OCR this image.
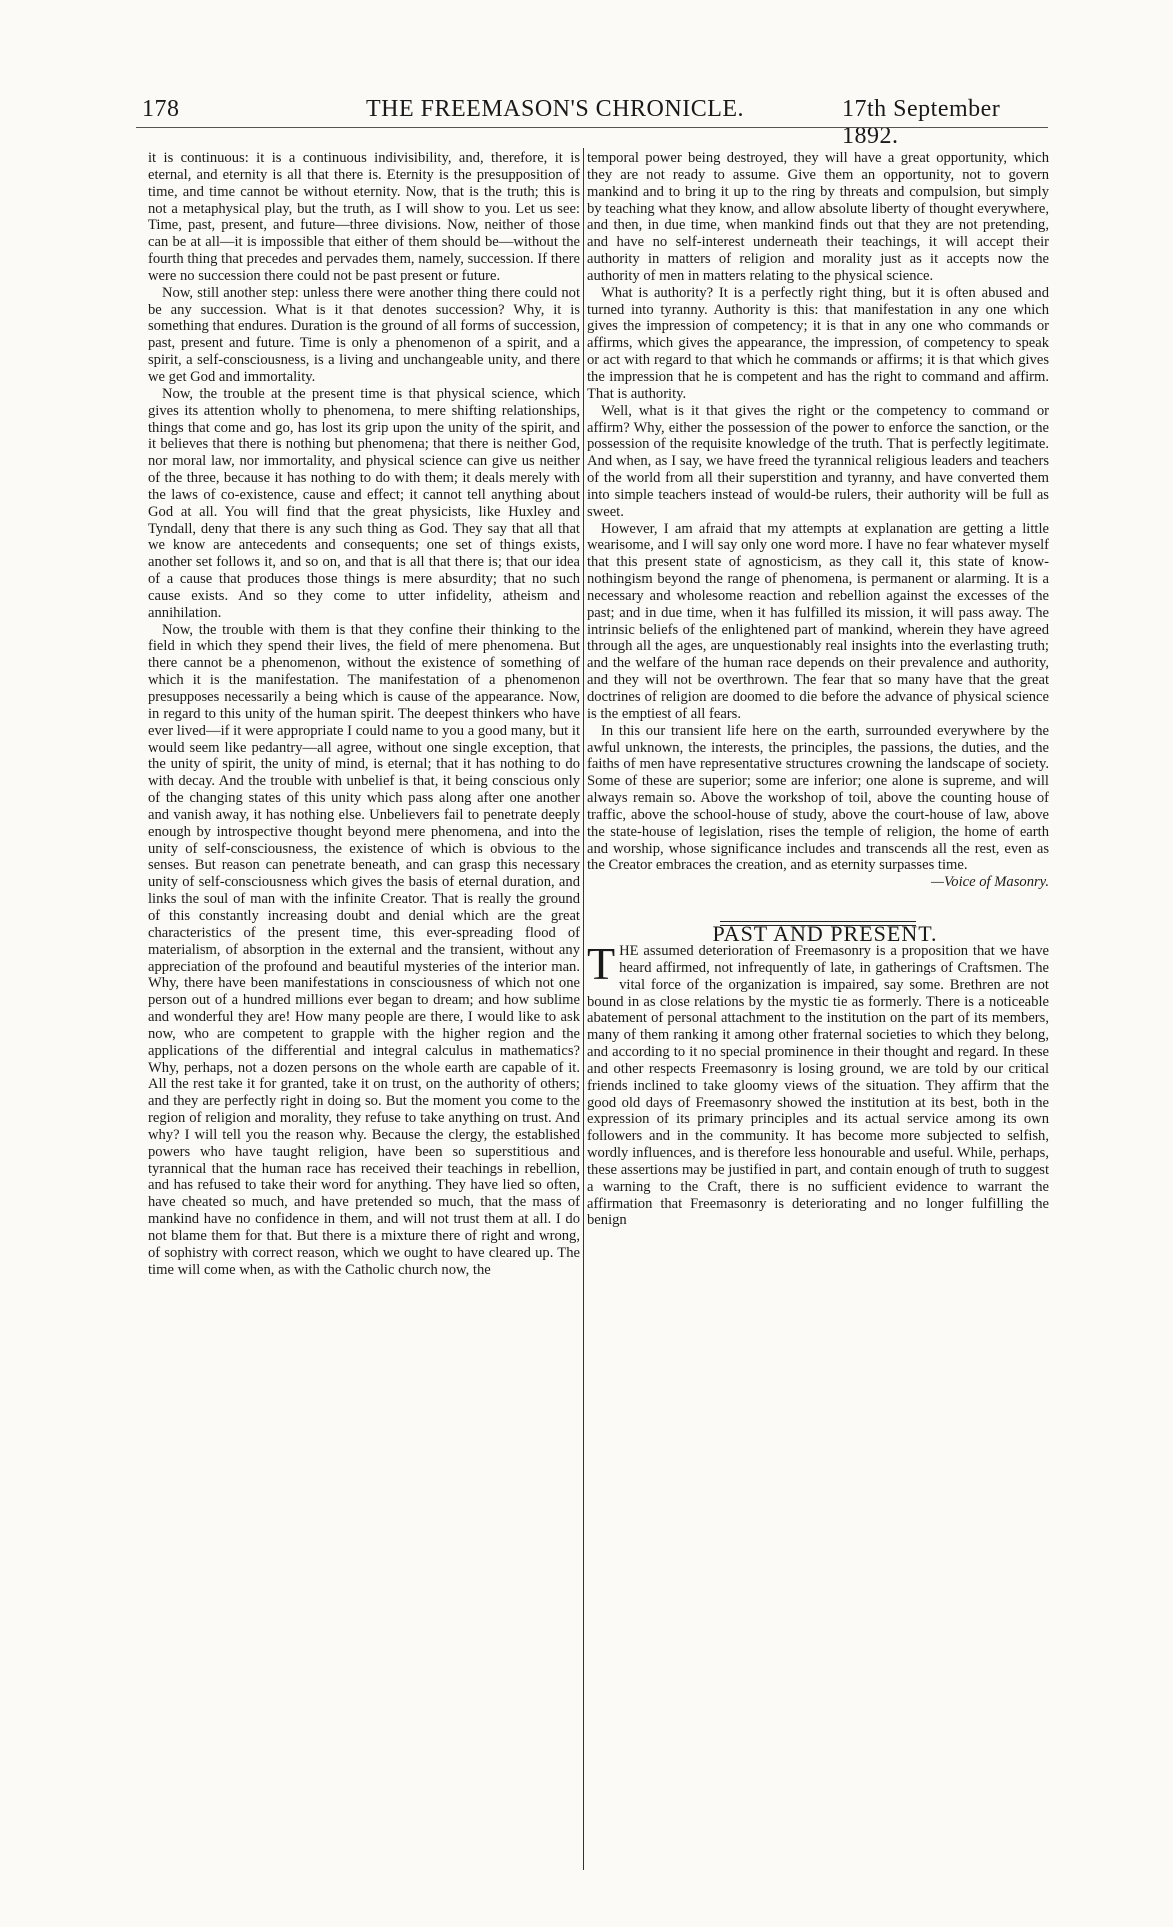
178	THE FREEMASON'S CHRONICLE.	17th September 1892.

it is continuous: it is a continuous indivisibility, and, therefore, it is eternal, and eternity is all that there is. Eternity is the presupposition of time, and time cannot be without eternity. Now, that is the truth; this is not a metaphysical play, but the truth, as I will show to you. Let us see: Time, past, present, and future—three divisions. Now, neither of those can be at all—it is impossible that either of them should be—without the fourth thing that precedes and pervades them, namely, succession. If there were no succession there could not be past present or future.

Now, still another step: unless there were another thing there could not be any succession. What is it that denotes succession? Why, it is something that endures. Duration is the ground of all forms of succession, past, present and future. Time is only a phenomenon of a spirit, and a spirit, a self-consciousness, is a living and unchangeable unity, and there we get God and immortality.

Now, the trouble at the present time is that physical science, which gives its attention wholly to phenomena, to mere shifting relationships, things that come and go, has lost its grip upon the unity of the spirit, and it believes that there is nothing but phenomena; that there is neither God, nor moral law, nor immortality, and physical science can give us neither of the three, because it has nothing to do with them; it deals merely with the laws of co-existence, cause and effect; it cannot tell anything about God at all. You will find that the great physicists, like Huxley and Tyndall, deny that there is any such thing as God. They say that all that we know are antecedents and consequents; one set of things exists, another set follows it, and so on, and that is all that there is; that our idea of a cause that produces those things is mere absurdity; that no such cause exists. And so they come to utter infidelity, atheism and annihilation.

Now, the trouble with them is that they confine their thinking to the field in which they spend their lives, the field of mere phenomena. But there cannot be a phenomenon, without the existence of something of which it is the manifestation. The manifestation of a phenomenon presupposes necessarily a being which is cause of the appearance. Now, in regard to this unity of the human spirit. The deepest thinkers who have ever lived—if it were appropriate I could name to you a good many, but it would seem like pedantry—all agree, without one single exception, that the unity of spirit, the unity of mind, is eternal; that it has nothing to do with decay. And the trouble with unbelief is that, it being conscious only of the changing states of this unity which pass along after one another and vanish away, it has nothing else. Unbelievers fail to penetrate deeply enough by introspective thought beyond mere phenomena, and into the unity of self-consciousness, the existence of which is obvious to the senses. But reason can penetrate beneath, and can grasp this necessary unity of self-consciousness which gives the basis of eternal duration, and links the soul of man with the infinite Creator. That is really the ground of this constantly increasing doubt and denial which are the great characteristics of the present time, this ever-spreading flood of materialism, of absorption in the external and the transient, without any appreciation of the profound and beautiful mysteries of the interior man. Why, there have been manifestations in consciousness of which not one person out of a hundred millions ever began to dream; and how sublime and wonderful they are! How many people are there, I would like to ask now, who are competent to grapple with the higher region and the applications of the differential and integral calculus in mathematics? Why, perhaps, not a dozen persons on the whole earth are capable of it. All the rest take it for granted, take it on trust, on the authority of others; and they are perfectly right in doing so. But the moment you come to the region of religion and morality, they refuse to take anything on trust. And why? I will tell you the reason why. Because the clergy, the established powers who have taught religion, have been so superstitious and tyrannical that the human race has received their teachings in rebellion, and has refused to take their word for anything. They have lied so often, have cheated so much, and have pretended so much, that the mass of mankind have no confidence in them, and will not trust them at all. I do not blame them for that. But there is a mixture there of right and wrong, of sophistry with correct reason, which we ought to have cleared up. The time will come when, as with the Catholic church now, the

temporal power being destroyed, they will have a great opportunity, which they are not ready to assume. Give them an opportunity, not to govern mankind and to bring it up to the ring by threats and compulsion, but simply by teaching what they know, and allow absolute liberty of thought everywhere, and then, in due time, when mankind finds out that they are not pretending, and have no self-interest underneath their teachings, it will accept their authority in matters of religion and morality just as it accepts now the authority of men in matters relating to the physical science.

What is authority? It is a perfectly right thing, but it is often abused and turned into tyranny. Authority is this: that manifestation in any one which gives the impression of competency; it is that in any one who commands or affirms, which gives the appearance, the impression, of competency to speak or act with regard to that which he commands or affirms; it is that which gives the impression that he is competent and has the right to command and affirm. That is authority.

Well, what is it that gives the right or the competency to command or affirm? Why, either the possession of the power to enforce the sanction, or the possession of the requisite knowledge of the truth. That is perfectly legitimate. And when, as I say, we have freed the tyrannical religious leaders and teachers of the world from all their superstition and tyranny, and have converted them into simple teachers instead of would-be rulers, their authority will be full as sweet.

However, I am afraid that my attempts at explanation are getting a little wearisome, and I will say only one word more. I have no fear whatever myself that this present state of agnosticism, as they call it, this state of know-nothingism beyond the range of phenomena, is permanent or alarming. It is a necessary and wholesome reaction and rebellion against the excesses of the past; and in due time, when it has fulfilled its mission, it will pass away. The intrinsic beliefs of the enlightened part of mankind, wherein they have agreed through all the ages, are unquestionably real insights into the everlasting truth; and the welfare of the human race depends on their prevalence and authority, and they will not be overthrown. The fear that so many have that the great doctrines of religion are doomed to die before the advance of physical science is the emptiest of all fears.

In this our transient life here on the earth, surrounded everywhere by the awful unknown, the interests, the principles, the passions, the duties, and the faiths of men have representative structures crowning the landscape of society. Some of these are superior; some are inferior; one alone is supreme, and will always remain so. Above the workshop of toil, above the counting house of traffic, above the school-house of study, above the court-house of law, above the state-house of legislation, rises the temple of religion, the home of earth and worship, whose significance includes and transcends all the rest, even as the Creator embraces the creation, and as eternity surpasses time.

—Voice of Masonry.

PAST AND PRESENT.

THE assumed deterioration of Freemasonry is a proposition that we have heard affirmed, not infrequently of late, in gatherings of Craftsmen. The vital force of the organization is impaired, say some. Brethren are not bound in as close relations by the mystic tie as formerly. There is a noticeable abatement of personal attachment to the institution on the part of its members, many of them ranking it among other fraternal societies to which they belong, and according to it no special prominence in their thought and regard. In these and other respects Freemasonry is losing ground, we are told by our critical friends inclined to take gloomy views of the situation. They affirm that the good old days of Freemasonry showed the institution at its best, both in the expression of its primary principles and its actual service among its own followers and in the community. It has become more subjected to selfish, wordly influences, and is therefore less honourable and useful. While, perhaps, these assertions may be justified in part, and contain enough of truth to suggest a warning to the Craft, there is no sufficient evidence to warrant the affirmation that Freemasonry is deteriorating and no longer fulfilling the benign
